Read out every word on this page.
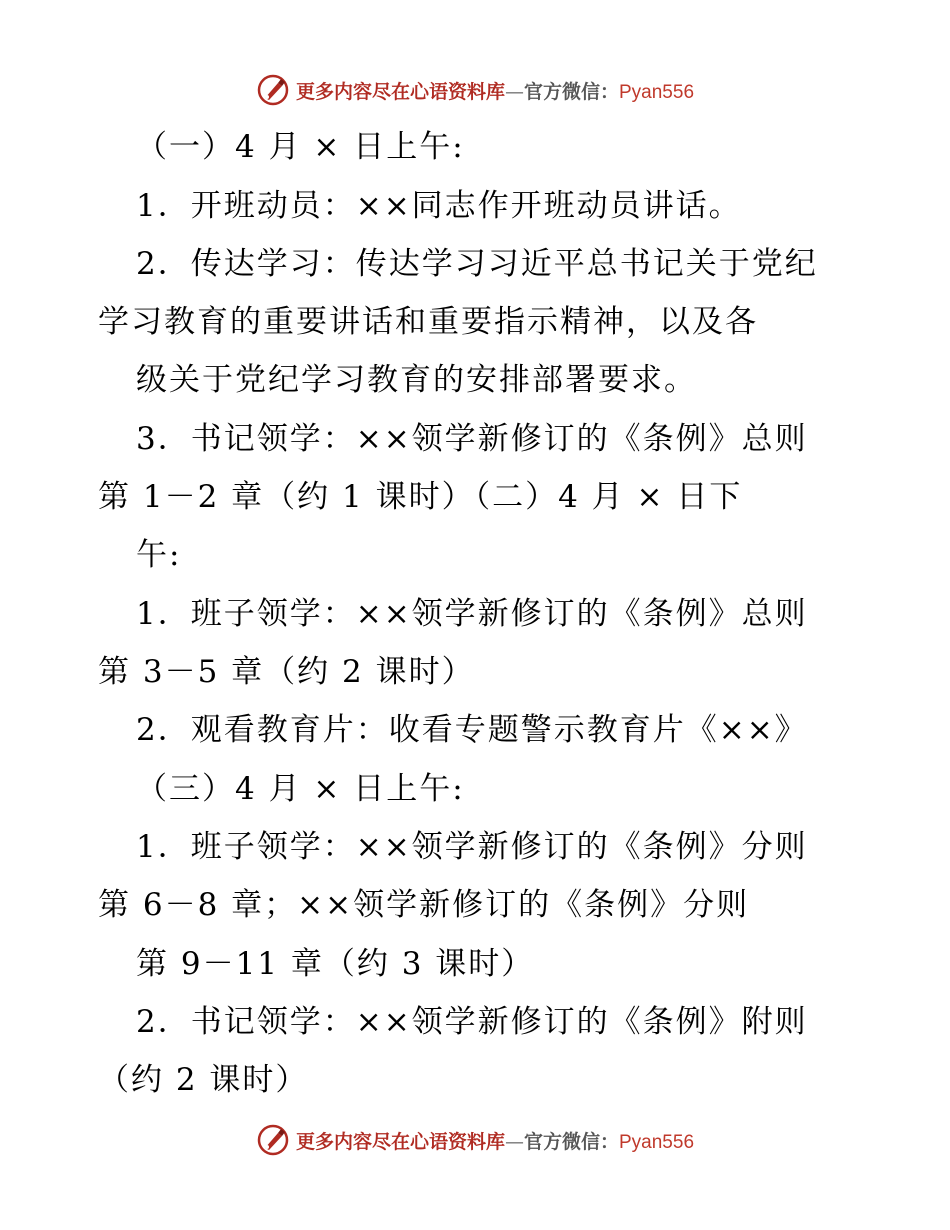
更多内容尽在心语资料库—官方微信：Pyan556
（一）4 月 × 日上午:
1．开班动员：××同志作开班动员讲话。
2．传达学习：传达学习习近平总书记关于党纪
学习教育的重要讲话和重要指示精神，以及各
级关于党纪学习教育的安排部署要求。
3．书记领学：××领学新修订的《条例》总则
第 1－2 章（约 1 课时）（二）4 月 × 日下
午:
1．班子领学：××领学新修订的《条例》总则
第 3－5 章（约 2 课时）
2．观看教育片：收看专题警示教育片《××》
（三）4 月 × 日上午:
1．班子领学：××领学新修订的《条例》分则
第 6－8 章；××领学新修订的《条例》分则
第 9－11 章（约 3 课时）
2．书记领学：××领学新修订的《条例》附则
（约 2 课时）
更多内容尽在心语资料库—官方微信：Pyan556
